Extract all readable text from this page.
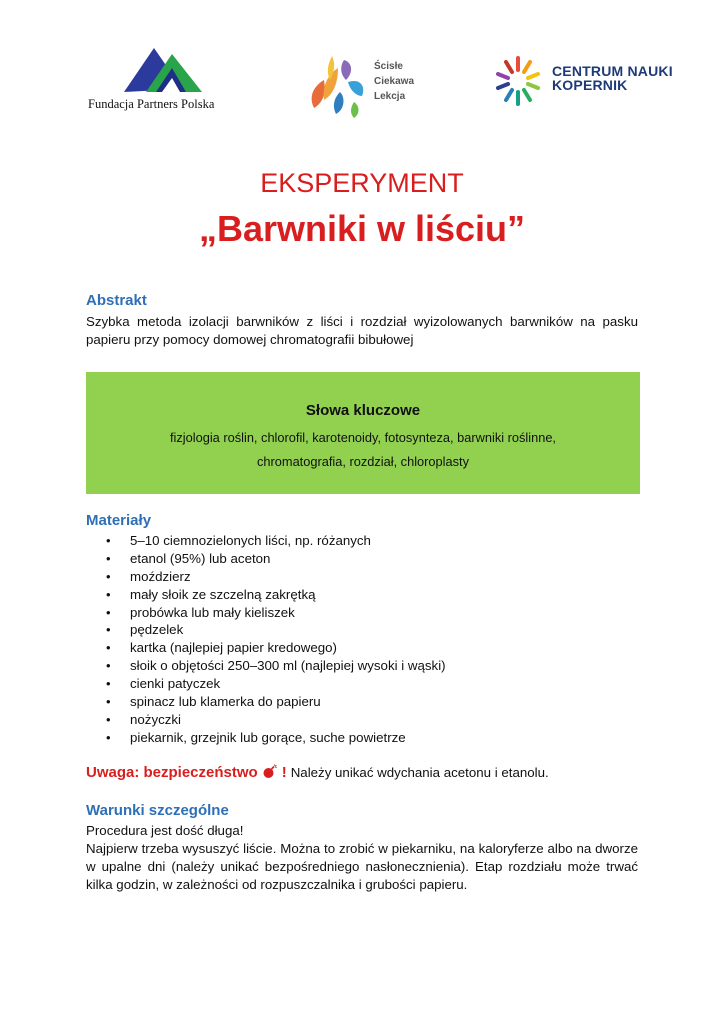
Fundacja Partners Polska
Ścisłe
Ciekawa
Lekcja
CENTRUM NAUKI
KOPERNIK
EKSPERYMENT
„Barwniki w liściu”
Abstrakt
Szybka metoda izolacji barwników z liści i rozdział wyizolowanych barwników na pasku papieru przy pomocy domowej chromatografii bibułowej
Słowa kluczowe
fizjologia roślin, chlorofil, karotenoidy, fotosynteza, barwniki roślinne,
chromatografia, rozdział, chloroplasty
Materiały
• 5–10 ciemnozielonych liści, np. różanych
• etanol (95%) lub aceton
• moździerz
• mały słoik ze szczelną zakrętką
• probówka lub mały kieliszek
• pędzelek
• kartka (najlepiej papier kredowego)
• słoik o objętości 250–300 ml (najlepiej wysoki i wąski)
• cienki patyczek
• spinacz lub klamerka do papieru
• nożyczki
• piekarnik, grzejnik lub gorące, suche powietrze
Uwaga: bezpieczeństwo ! Należy unikać wdychania acetonu i etanolu.
Warunki szczególne
Procedura jest dość długa!
Najpierw trzeba wysuszyć liście. Można to zrobić w piekarniku, na kaloryferze albo na dworze w upalne dni (należy unikać bezpośredniego nasłonecznienia). Etap rozdziału może trwać kilka godzin, w zależności od rozpuszczalnika i grubości papieru.
